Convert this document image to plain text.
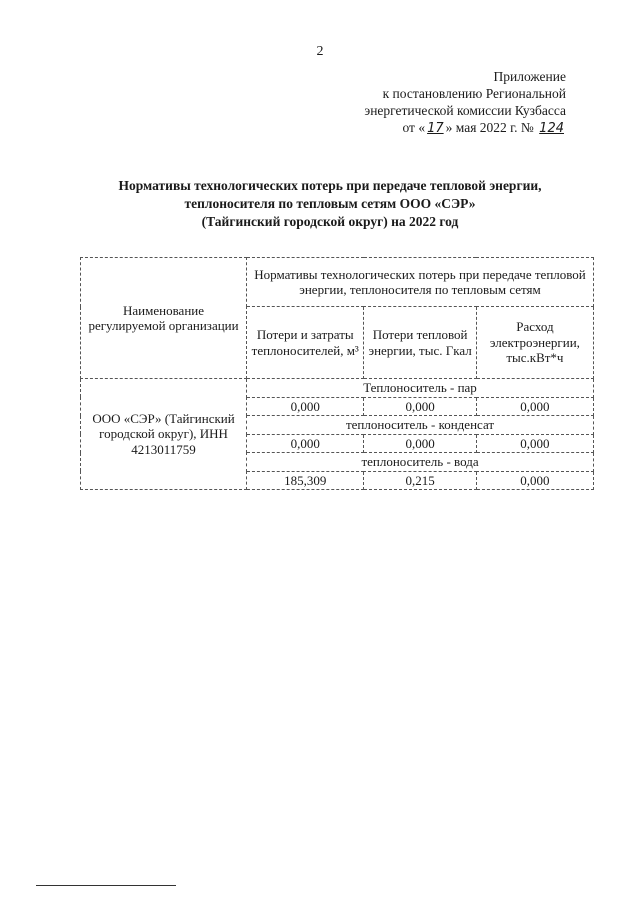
2
Приложение
к постановлению Региональной
энергетической комиссии Кузбасса
от « 17 » мая 2022 г. № 124
Нормативы технологических потерь при передаче тепловой энергии,
теплоносителя по тепловым сетям ООО «СЭР»
(Тайгинский городской округ) на 2022 год
Наименование регулируемой организации	Нормативы технологических потерь при передаче тепловой энергии, теплоносителя по тепловым сетям		
	Потери и затраты теплоносителей, м³	Потери тепловой энергии, тыс. Гкал	Расход электроэнергии, тыс.кВт*ч
ООО «СЭР» (Тайгинский городской округ), ИНН 4213011759	Теплоноситель - пар		
	0,000	0,000	0,000
	теплоноситель - конденсат		
	0,000	0,000	0,000
	теплоноситель - вода		
	185,309	0,215	0,000
